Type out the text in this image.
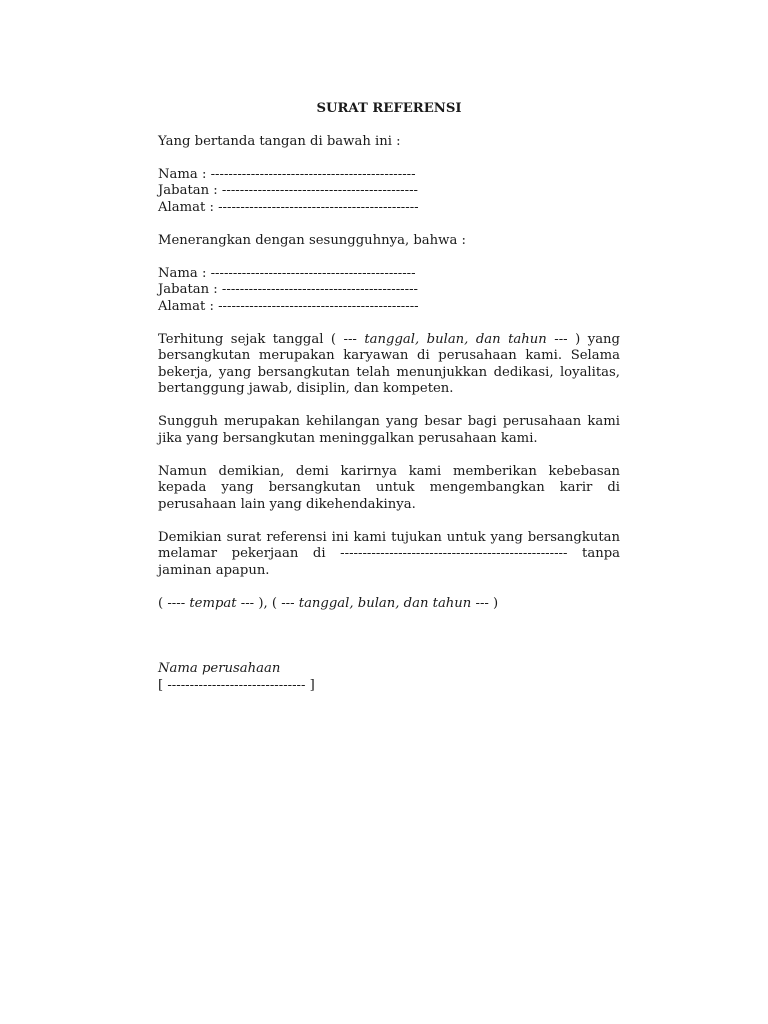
SURAT REFERENSI
Yang bertanda tangan di bawah ini :
Nama : ----------------------------------------------
Jabatan : --------------------------------------------
Alamat : ---------------------------------------------
Menerangkan dengan sesungguhnya, bahwa :
Nama : ----------------------------------------------
Jabatan : --------------------------------------------
Alamat : ---------------------------------------------
Terhitung sejak tanggal ( --- tanggal, bulan, dan tahun --- ) yang bersangkutan merupakan karyawan di perusahaan kami. Selama bekerja, yang bersangkutan telah menunjukkan dedikasi, loyalitas, bertanggung jawab, disiplin, dan kompeten.
Sungguh merupakan kehilangan yang besar bagi perusahaan kami jika yang bersangkutan meninggalkan perusahaan kami.
Namun demikian, demi karirnya kami memberikan kebebasan kepada yang bersangkutan untuk mengembangkan karir di perusahaan lain yang dikehendakinya.
Demikian surat referensi ini kami tujukan untuk yang bersangkutan
melamar pekerjaan di --------------------------------------------------- tanpa
jaminan apapun.
( ---- tempat --- ), ( --- tanggal, bulan, dan tahun --- )
Nama perusahaan
[ ------------------------------- ]
